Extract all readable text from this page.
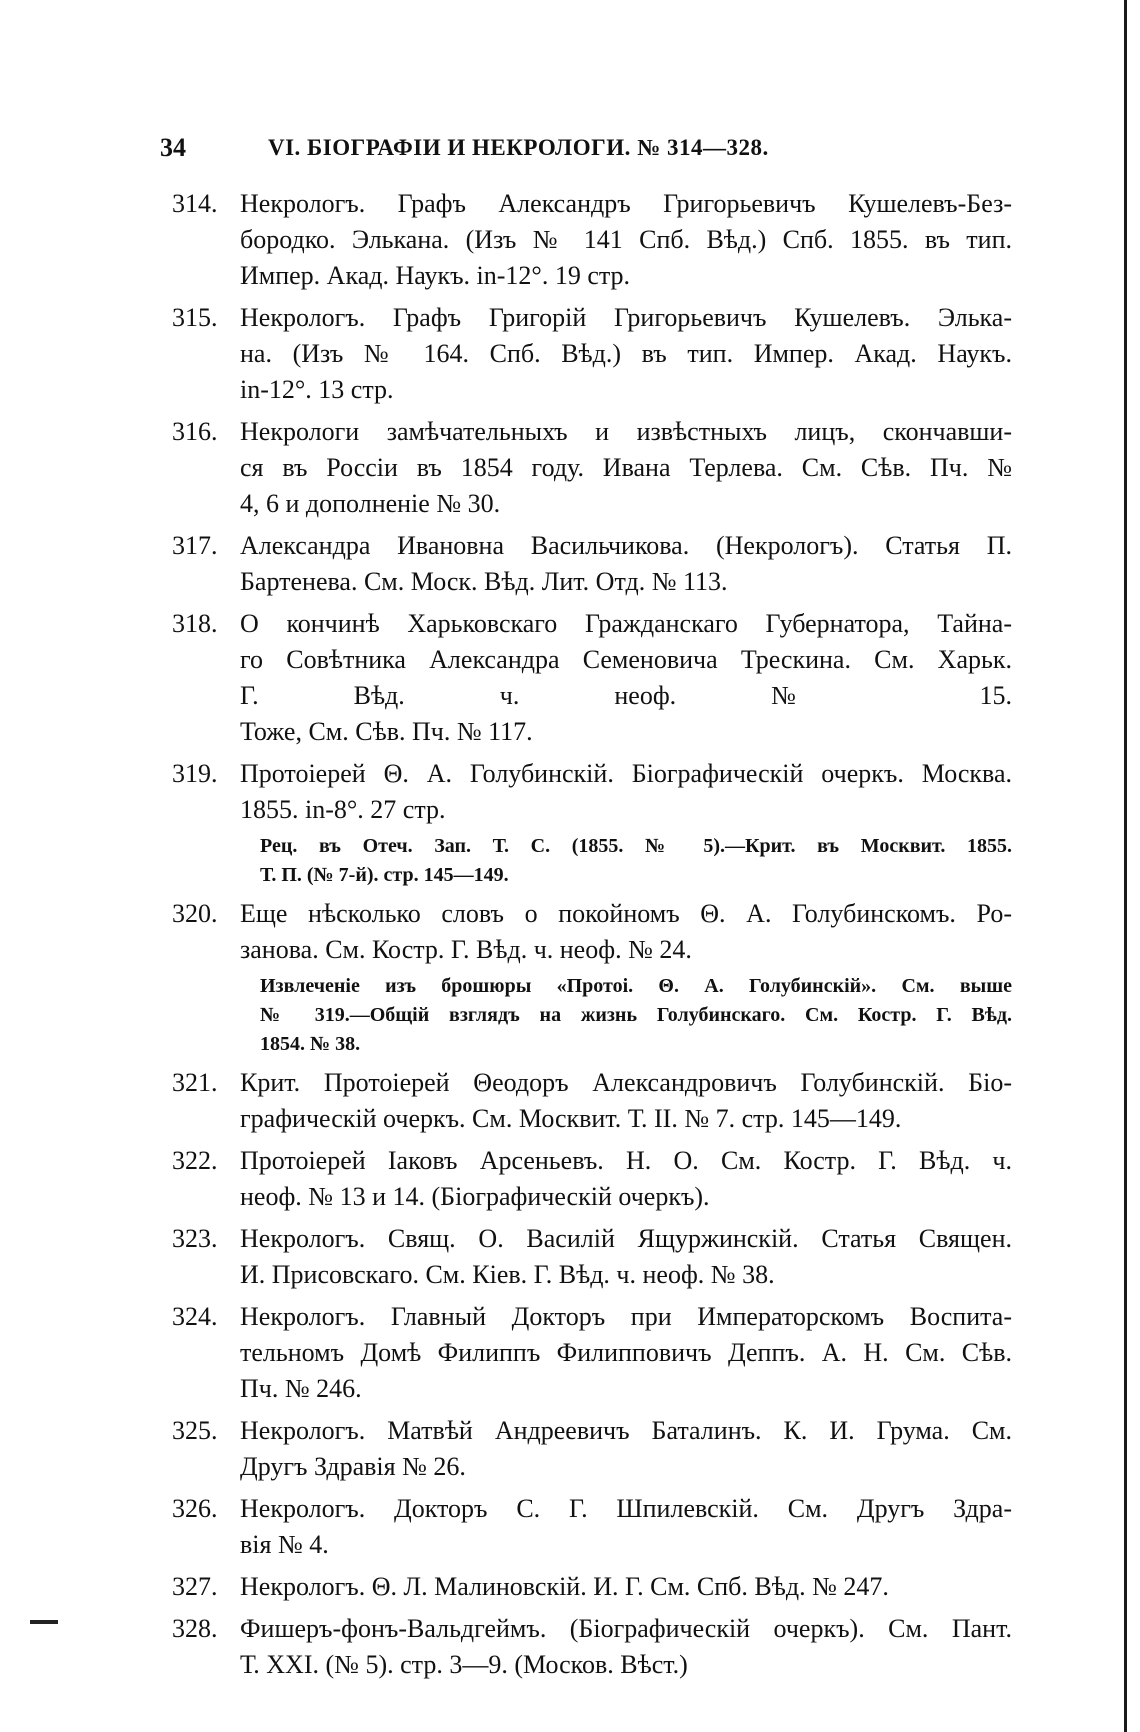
34	VI. БІОГРАФІИ И НЕКРОЛОГИ. № 314—328.
314. Некрологъ. Графъ Александръ Григорьевичъ Кушелевъ-Без-
бородко. Элькана. (Изъ № 141 Спб. Вѣд.) Спб. 1855. въ тип.
Импер. Акад. Наукъ. in-12°. 19 стр.
315. Некрологъ. Графъ Григорій Григорьевичъ Кушелевъ. Элька-
на. (Изъ № 164. Спб. Вѣд.) въ тип. Импер. Акад. Наукъ.
in-12°. 13 стр.
316. Некрологи замѣчательныхъ и извѣстныхъ лицъ, скончавши-
ся въ Россіи въ 1854 году. Ивана Терлева. См. Сѣв. Пч. №
4, 6 и дополненіе № 30.
317. Александра Ивановна Васильчикова. (Некрологъ). Статья П.
Бартенева. См. Моск. Вѣд. Лит. Отд. № 113.
318. О кончинѣ Харьковскаго Гражданскаго Губернатора, Тайна-
го Совѣтника Александра Семеновича Трескина. См. Харьк.
Г. Вѣд. ч. неоф. № 15.
Тоже, См. Сѣв. Пч. № 117.
319. Протоіерей Θ. А. Голубинскій. Біографическій очеркъ. Москва.
1855. in-8°. 27 стр.
Рец. въ Отеч. Зап. Т. С. (1855. № 5).—Крит. въ Москвит. 1855.
Т. П. (№ 7-й). стр. 145—149.
320. Еще нѣсколько словъ о покойномъ Θ. А. Голубинскомъ. Ро-
занова. См. Костр. Г. Вѣд. ч. неоф. № 24.
Извлеченіе изъ брошюры «Протоі. Θ. А. Голубинскій». См. выше
№ 319.—Общій взглядъ на жизнь Голубинскаго. См. Костр. Г. Вѣд.
1854. № 38.
321. Крит. Протоіерей Θеодоръ Александровичъ Голубинскій. Біо-
графическій очеркъ. См. Москвит. Т. II. № 7. стр. 145—149.
322. Протоіерей Іаковъ Арсеньевъ. Н. О. См. Костр. Г. Вѣд. ч.
неоф. № 13 и 14. (Біографическій очеркъ).
323. Некрологъ. Свящ. О. Василій Ящуржинскій. Статья Священ.
И. Присовскаго. См. Кіев. Г. Вѣд. ч. неоф. № 38.
324. Некрологъ. Главный Докторъ при Императорскомъ Воспита-
тельномъ Домѣ Филиппъ Филипповичъ Деппъ. А. Н. См. Сѣв.
Пч. № 246.
325. Некрологъ. Матвѣй Андреевичъ Баталинъ. К. И. Грума. См.
Другъ Здравія № 26.
326. Некрологъ. Докторъ С. Г. Шпилевскій. См. Другъ Здра-
вія № 4.
327. Некрологъ. Θ. Л. Малиновскій. И. Г. См. Спб. Вѣд. № 247.
328. Фишеръ-фонъ-Вальдгеймъ. (Біографическій очеркъ). См. Пант.
Т. XXI. (№ 5). стр. 3—9. (Москов. Вѣст.)
